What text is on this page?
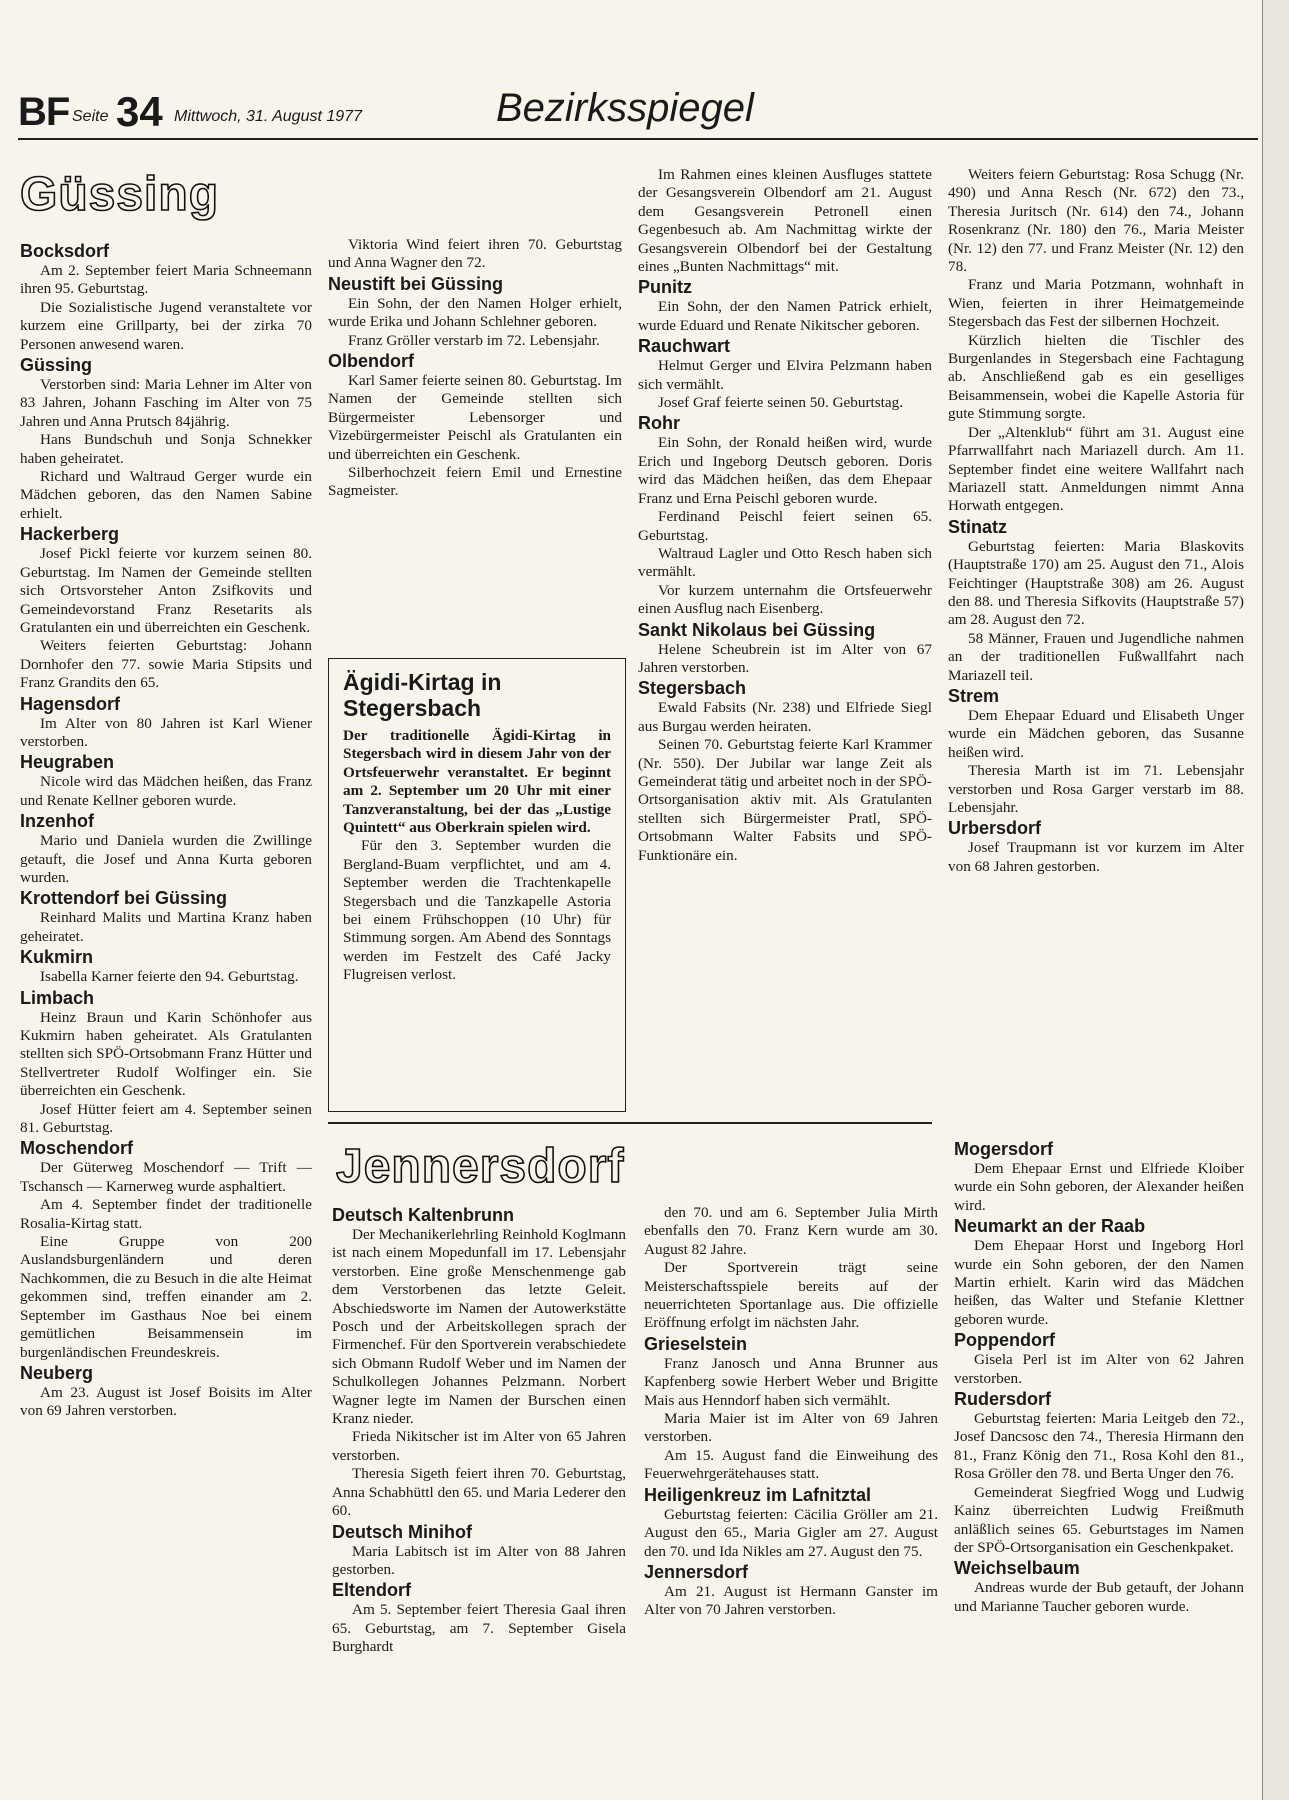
BF Seite 34 Mittwoch, 31. August 1977	Bezirksspiegel
Güssing
Bocksdorf

Am 2. September feiert Maria Schneemann ihren 95. Geburtstag.

Die Sozialistische Jugend veranstaltete vor kurzem eine Grillparty, bei der zirka 70 Personen anwesend waren.

Güssing

Verstorben sind: Maria Lehner im Alter von 83 Jahren, Johann Fasching im Alter von 75 Jahren und Anna Prutsch 84jährig.

Hans Bundschuh und Sonja Schnekker haben geheiratet.

Richard und Waltraud Gerger wurde ein Mädchen geboren, das den Namen Sabine erhielt.

Hackerberg

Josef Pickl feierte vor kurzem seinen 80. Geburtstag. Im Namen der Gemeinde stellten sich Ortsvorsteher Anton Zsifkovits und Gemeindevorstand Franz Resetarits als Gratulanten ein und überreichten ein Geschenk.

Weiters feierten Geburtstag: Johann Dornhofer den 77. sowie Maria Stipsits und Franz Grandits den 65.

Hagensdorf

Im Alter von 80 Jahren ist Karl Wiener verstorben.

Heugraben

Nicole wird das Mädchen heißen, das Franz und Renate Kellner geboren wurde.

Inzenhof

Mario und Daniela wurden die Zwillinge getauft, die Josef und Anna Kurta geboren wurden.

Krottendorf bei Güssing

Reinhard Malits und Martina Kranz haben geheiratet.

Kukmirn

Isabella Karner feierte den 94. Geburtstag.

Limbach

Heinz Braun und Karin Schönhofer aus Kukmirn haben geheiratet. Als Gratulanten stellten sich SPÖ-Ortsobmann Franz Hütter und Stellvertreter Rudolf Wolfinger ein. Sie überreichten ein Geschenk.

Josef Hütter feiert am 4. September seinen 81. Geburtstag.

Moschendorf

Der Güterweg Moschendorf — Trift — Tschansch — Karnerweg wurde asphaltiert.

Am 4. September findet der traditionelle Rosalia-Kirtag statt.

Eine Gruppe von 200 Auslandsburgenländern und deren Nachkommen, die zu Besuch in die alte Heimat gekommen sind, treffen einander am 2. September im Gasthaus Noe bei einem gemütlichen Beisammensein im burgenländischen Freundeskreis.

Neuberg

Am 23. August ist Josef Boisits im Alter von 69 Jahren verstorben.

Viktoria Wind feiert ihren 70. Geburtstag und Anna Wagner den 72.

Neustift bei Güssing

Ein Sohn, der den Namen Holger erhielt, wurde Erika und Johann Schlehner geboren.

Franz Gröller verstarb im 72. Lebensjahr.

Olbendorf

Karl Samer feierte seinen 80. Geburtstag. Im Namen der Gemeinde stellten sich Bürgermeister Lebensorger und Vizebürgermeister Peischl als Gratulanten ein und überreichten ein Geschenk.

Silberhochzeit feiern Emil und Ernestine Sagmeister.

Ägidi-Kirtag in Stegersbach

Der traditionelle Ägidi-Kirtag in Stegersbach wird in diesem Jahr von der Ortsfeuerwehr veranstaltet. Er beginnt am 2. September um 20 Uhr mit einer Tanzveranstaltung, bei der das „Lustige Quintett“ aus Oberkrain spielen wird.

Für den 3. September wurden die Bergland-Buam verpflichtet, und am 4. September werden die Trachtenkapelle Stegersbach und die Tanzkapelle Astoria bei einem Frühschoppen (10 Uhr) für Stimmung sorgen. Am Abend des Sonntags werden im Festzelt des Café Jacky Flugreisen verlost.

Im Rahmen eines kleinen Ausfluges stattete der Gesangsverein Olbendorf am 21. August dem Gesangsverein Petronell einen Gegenbesuch ab. Am Nachmittag wirkte der Gesangsverein Olbendorf bei der Gestaltung eines „Bunten Nachmittags“ mit.

Punitz

Ein Sohn, der den Namen Patrick erhielt, wurde Eduard und Renate Nikitscher geboren.

Rauchwart

Helmut Gerger und Elvira Pelzmann haben sich vermählt.

Josef Graf feierte seinen 50. Geburtstag.

Rohr

Ein Sohn, der Ronald heißen wird, wurde Erich und Ingeborg Deutsch geboren. Doris wird das Mädchen heißen, das dem Ehepaar Franz und Erna Peischl geboren wurde.

Ferdinand Peischl feiert seinen 65. Geburtstag.

Waltraud Lagler und Otto Resch haben sich vermählt.

Vor kurzem unternahm die Ortsfeuerwehr einen Ausflug nach Eisenberg.

Sankt Nikolaus bei Güssing

Helene Scheubrein ist im Alter von 67 Jahren verstorben.

Stegersbach

Ewald Fabsits (Nr. 238) und Elfriede Siegl aus Burgau werden heiraten.

Seinen 70. Geburtstag feierte Karl Krammer (Nr. 550). Der Jubilar war lange Zeit als Gemeinderat tätig und arbeitet noch in der SPÖ-Ortsorganisation aktiv mit. Als Gratulanten stellten sich Bürgermeister Pratl, SPÖ-Ortsobmann Walter Fabsits und SPÖ-Funktionäre ein.

Weiters feiern Geburtstag: Rosa Schugg (Nr. 490) und Anna Resch (Nr. 672) den 73., Theresia Juritsch (Nr. 614) den 74., Johann Rosenkranz (Nr. 180) den 76., Maria Meister (Nr. 12) den 77. und Franz Meister (Nr. 12) den 78.

Franz und Maria Potzmann, wohnhaft in Wien, feierten in ihrer Heimatgemeinde Stegersbach das Fest der silbernen Hochzeit.

Kürzlich hielten die Tischler des Burgenlandes in Stegersbach eine Fachtagung ab. Anschließend gab es ein geselliges Beisammensein, wobei die Kapelle Astoria für gute Stimmung sorgte.

Der „Altenklub“ führt am 31. August eine Pfarrwallfahrt nach Mariazell durch. Am 11. September findet eine weitere Wallfahrt nach Mariazell statt. Anmeldungen nimmt Anna Horwath entgegen.

Stinatz

Geburtstag feierten: Maria Blaskovits (Hauptstraße 170) am 25. August den 71., Alois Feichtinger (Hauptstraße 308) am 26. August den 88. und Theresia Sifkovits (Hauptstraße 57) am 28. August den 72.

58 Männer, Frauen und Jugendliche nahmen an der traditionellen Fußwallfahrt nach Mariazell teil.

Strem

Dem Ehepaar Eduard und Elisabeth Unger wurde ein Mädchen geboren, das Susanne heißen wird.

Theresia Marth ist im 71. Lebensjahr verstorben und Rosa Garger verstarb im 88. Lebensjahr.

Urbersdorf

Josef Traupmann ist vor kurzem im Alter von 68 Jahren gestorben.

Jennersdorf
Deutsch Kaltenbrunn

Der Mechanikerlehrling Reinhold Koglmann ist nach einem Mopedunfall im 17. Lebensjahr verstorben. Eine große Menschenmenge gab dem Verstorbenen das letzte Geleit. Abschiedsworte im Namen der Autowerkstätte Posch und der Arbeitskollegen sprach der Firmenchef. Für den Sportverein verabschiedete sich Obmann Rudolf Weber und im Namen der Schulkollegen Johannes Pelzmann. Norbert Wagner legte im Namen der Burschen einen Kranz nieder.

Frieda Nikitscher ist im Alter von 65 Jahren verstorben.

Theresia Sigeth feiert ihren 70. Geburtstag, Anna Schabhüttl den 65. und Maria Lederer den 60.

Deutsch Minihof

Maria Labitsch ist im Alter von 88 Jahren gestorben.

Eltendorf

Am 5. September feiert Theresia Gaal ihren 65. Geburtstag, am 7. September Gisela Burghardt

den 70. und am 6. September Julia Mirth ebenfalls den 70. Franz Kern wurde am 30. August 82 Jahre.

Der Sportverein trägt seine Meisterschaftsspiele bereits auf der neuerrichteten Sportanlage aus. Die offizielle Eröffnung erfolgt im nächsten Jahr.

Grieselstein

Franz Janosch und Anna Brunner aus Kapfenberg sowie Herbert Weber und Brigitte Mais aus Henndorf haben sich vermählt.

Maria Maier ist im Alter von 69 Jahren verstorben.

Am 15. August fand die Einweihung des Feuerwehrgerätehauses statt.

Heiligenkreuz im Lafnitztal

Geburtstag feierten: Cäcilia Gröller am 21. August den 65., Maria Gigler am 27. August den 70. und Ida Nikles am 27. August den 75.

Jennersdorf

Am 21. August ist Hermann Ganster im Alter von 70 Jahren verstorben.

Mogersdorf

Dem Ehepaar Ernst und Elfriede Kloiber wurde ein Sohn geboren, der Alexander heißen wird.

Neumarkt an der Raab

Dem Ehepaar Horst und Ingeborg Horl wurde ein Sohn geboren, der den Namen Martin erhielt. Karin wird das Mädchen heißen, das Walter und Stefanie Klettner geboren wurde.

Poppendorf

Gisela Perl ist im Alter von 62 Jahren verstorben.

Rudersdorf

Geburtstag feierten: Maria Leitgeb den 72., Josef Dancsosc den 74., Theresia Hirmann den 81., Franz König den 71., Rosa Kohl den 81., Rosa Gröller den 78. und Berta Unger den 76.

Gemeinderat Siegfried Wogg und Ludwig Kainz überreichten Ludwig Freißmuth anläßlich seines 65. Geburtstages im Namen der SPÖ-Ortsorganisation ein Geschenkpaket.

Weichselbaum

Andreas wurde der Bub getauft, der Johann und Marianne Taucher geboren wurde.
